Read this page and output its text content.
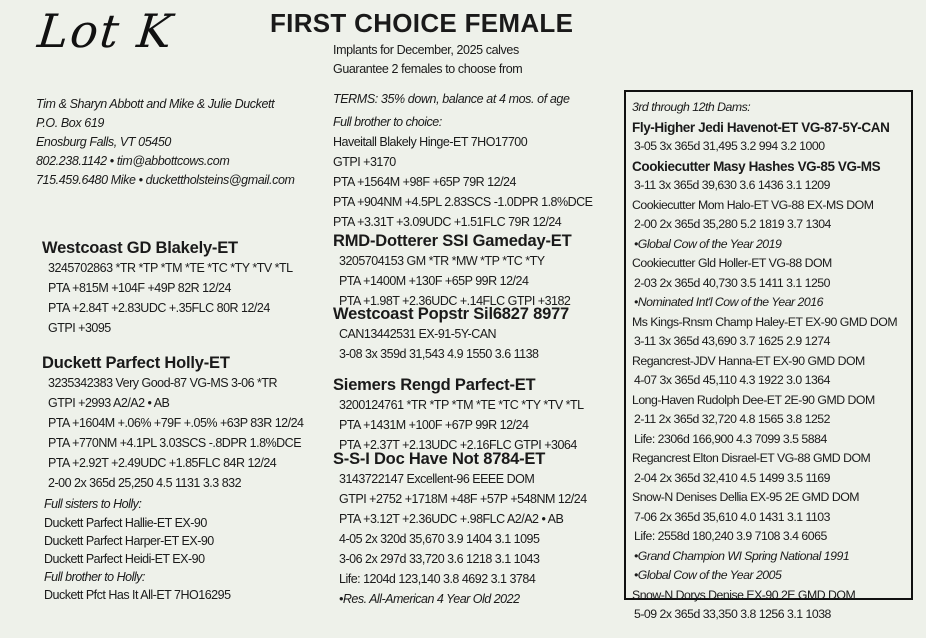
Lot K	FIRST CHOICE FEMALE
Implants for December, 2025 calves
Guarantee 2 females to choose from
TERMS: 35% down, balance at 4 mos. of age
Tim & Sharyn Abbott and Mike & Julie Duckett
P.O. Box 619
Enosburg Falls, VT 05450
802.238.1142 • tim@abbottcows.com
715.459.6480 Mike • duckettholsteins@gmail.com
Westcoast GD Blakely-ET
3245702863 *TR *TP *TM *TE *TC *TY *TV *TL
PTA +815M +104F +49P 82R 12/24
PTA +2.84T +2.83UDC +.35FLC 80R 12/24
GTPI +3095
Duckett Parfect Holly-ET
3235342383 Very Good-87 VG-MS 3-06 *TR
GTPI +2993 A2/A2 • AB
PTA +1604M +.06% +79F +.05% +63P 83R 12/24
PTA +770NM +4.1PL 3.03SCS -.8DPR 1.8%DCE
PTA +2.92T +2.49UDC +1.85FLC 84R 12/24
2-00 2x 365d 25,250 4.5 1131 3.3 832
Full sisters to Holly:
Duckett Parfect Hallie-ET EX-90
Duckett Parfect Harper-ET EX-90
Duckett Parfect Heidi-ET EX-90
Full brother to Holly:
Duckett Pfct Has It All-ET 7HO16295
Full brother to choice:
Haveitall Blakely Hinge-ET 7HO17700
GTPI +3170
PTA +1564M +98F +65P 79R 12/24
PTA +904NM +4.5PL 2.83SCS -1.0DPR 1.8%DCE
PTA +3.31T +3.09UDC +1.51FLC 79R 12/24
RMD-Dotterer SSI Gameday-ET
3205704153 GM *TR *MW *TP *TC *TY
PTA +1400M +130F +65P 99R 12/24
PTA +1.98T +2.36UDC +.14FLC GTPI +3182
Westcoast Popstr Sil6827 8977
CAN13442531 EX-91-5Y-CAN
3-08 3x 359d 31,543 4.9 1550 3.6 1138
Siemers Rengd Parfect-ET
3200124761 *TR *TP *TM *TE *TC *TY *TV *TL
PTA +1431M +100F +67P 99R 12/24
PTA +2.37T +2.13UDC +2.16FLC GTPI +3064
S-S-I Doc Have Not 8784-ET
3143722147 Excellent-96 EEEE DOM
GTPI +2752 +1718M +48F +57P +548NM 12/24
PTA +3.12T +2.36UDC +.98FLC A2/A2 • AB
4-05 2x 320d 35,670 3.9 1404 3.1 1095
3-06 2x 297d 33,720 3.6 1218 3.1 1043
Life: 1204d 123,140 3.8 4692 3.1 3784
•Res. All-American 4 Year Old 2022
3rd through 12th Dams:
Fly-Higher Jedi Havenot-ET VG-87-5Y-CAN
3-05 3x 365d 31,495 3.2 994 3.2 1000
Cookiecutter Masy Hashes VG-85 VG-MS
3-11 3x 365d 39,630 3.6 1436 3.1 1209
Cookiecutter Mom Halo-ET VG-88 EX-MS DOM
2-00 2x 365d 35,280 5.2 1819 3.7 1304
•Global Cow of the Year 2019
Cookiecutter Gld Holler-ET VG-88 DOM
2-03 2x 365d 40,730 3.5 1411 3.1 1250
•Nominated Int'l Cow of the Year 2016
Ms Kings-Rnsm Champ Haley-ET EX-90 GMD DOM
3-11 3x 365d 43,690 3.7 1625 2.9 1274
Regancrest-JDV Hanna-ET EX-90 GMD DOM
4-07 3x 365d 45,110 4.3 1922 3.0 1364
Long-Haven Rudolph Dee-ET 2E-90 GMD DOM
2-11 2x 365d 32,720 4.8 1565 3.8 1252
Life: 2306d 166,900 4.3 7099 3.5 5884
Regancrest Elton Disrael-ET VG-88 GMD DOM
2-04 2x 365d 32,410 4.5 1499 3.5 1169
Snow-N Denises Dellia EX-95 2E GMD DOM
7-06 2x 365d 35,610 4.0 1431 3.1 1103
Life: 2558d 180,240 3.9 7108 3.4 6065
•Grand Champion WI Spring National 1991
•Global Cow of the Year 2005
Snow-N Dorys Denise EX-90 2E GMD DOM
5-09 2x 365d 33,350 3.8 1256 3.1 1038
